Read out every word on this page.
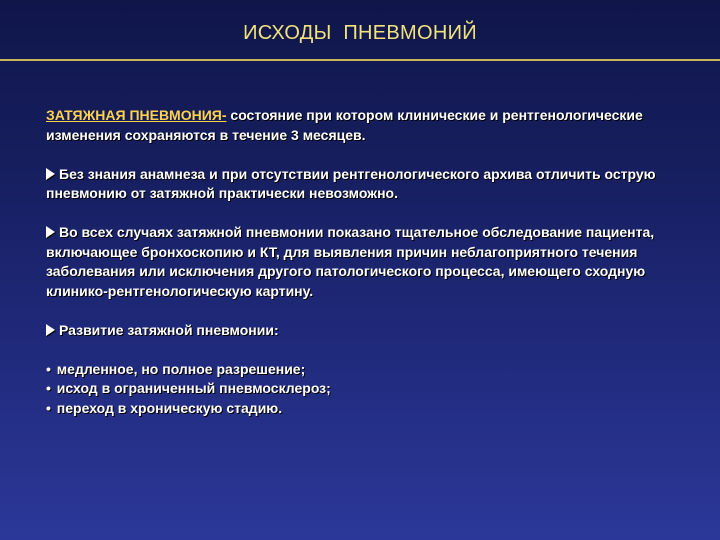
ИСХОДЫ  ПНЕВМОНИЙ

ЗАТЯЖНАЯ ПНЕВМОНИЯ- состояние при котором клинические и рентгенологические изменения сохраняются в течение 3 месяцев.

Без знания анамнеза и при отсутствии рентгенологического архива отличить острую пневмонию от затяжной практически невозможно.

Во всех случаях затяжной пневмонии показано тщательное обследование пациента, включающее бронхоскопию и КТ, для выявления причин неблагоприятного течения заболевания или исключения другого патологического процесса, имеющего сходную клинико-рентгенологическую картину.

Развитие затяжной пневмонии:

• медленное, но полное разрешение;

• исход в ограниченный пневмосклероз;

• переход в хроническую стадию.
